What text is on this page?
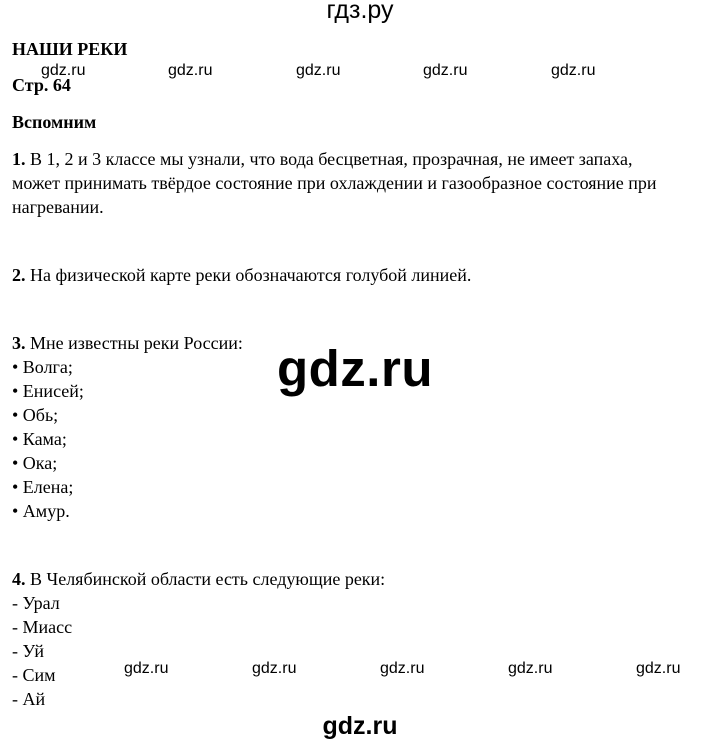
гдз.ру
НАШИ РЕКИ
gdz.ru	gdz.ru	gdz.ru	gdz.ru	gdz.ru
Стр. 64
Вспомним
1. В 1, 2 и 3 классе мы узнали, что вода бесцветная, прозрачная, не имеет запаха,
может принимать твёрдое состояние при охлаждении и газообразное состояние при
нагревании.
2. На физической карте реки обозначаются голубой линией.
3. Мне известны реки России:
• Волга;
• Енисей;
• Обь;
• Кама;
• Ока;
• Елена;
• Амур.
gdz.ru
4. В Челябинской области есть следующие реки:
- Урал
- Миасс
- Уй
- Сим
- Ай
gdz.ru	gdz.ru	gdz.ru	gdz.ru	gdz.ru
gdz.ru
